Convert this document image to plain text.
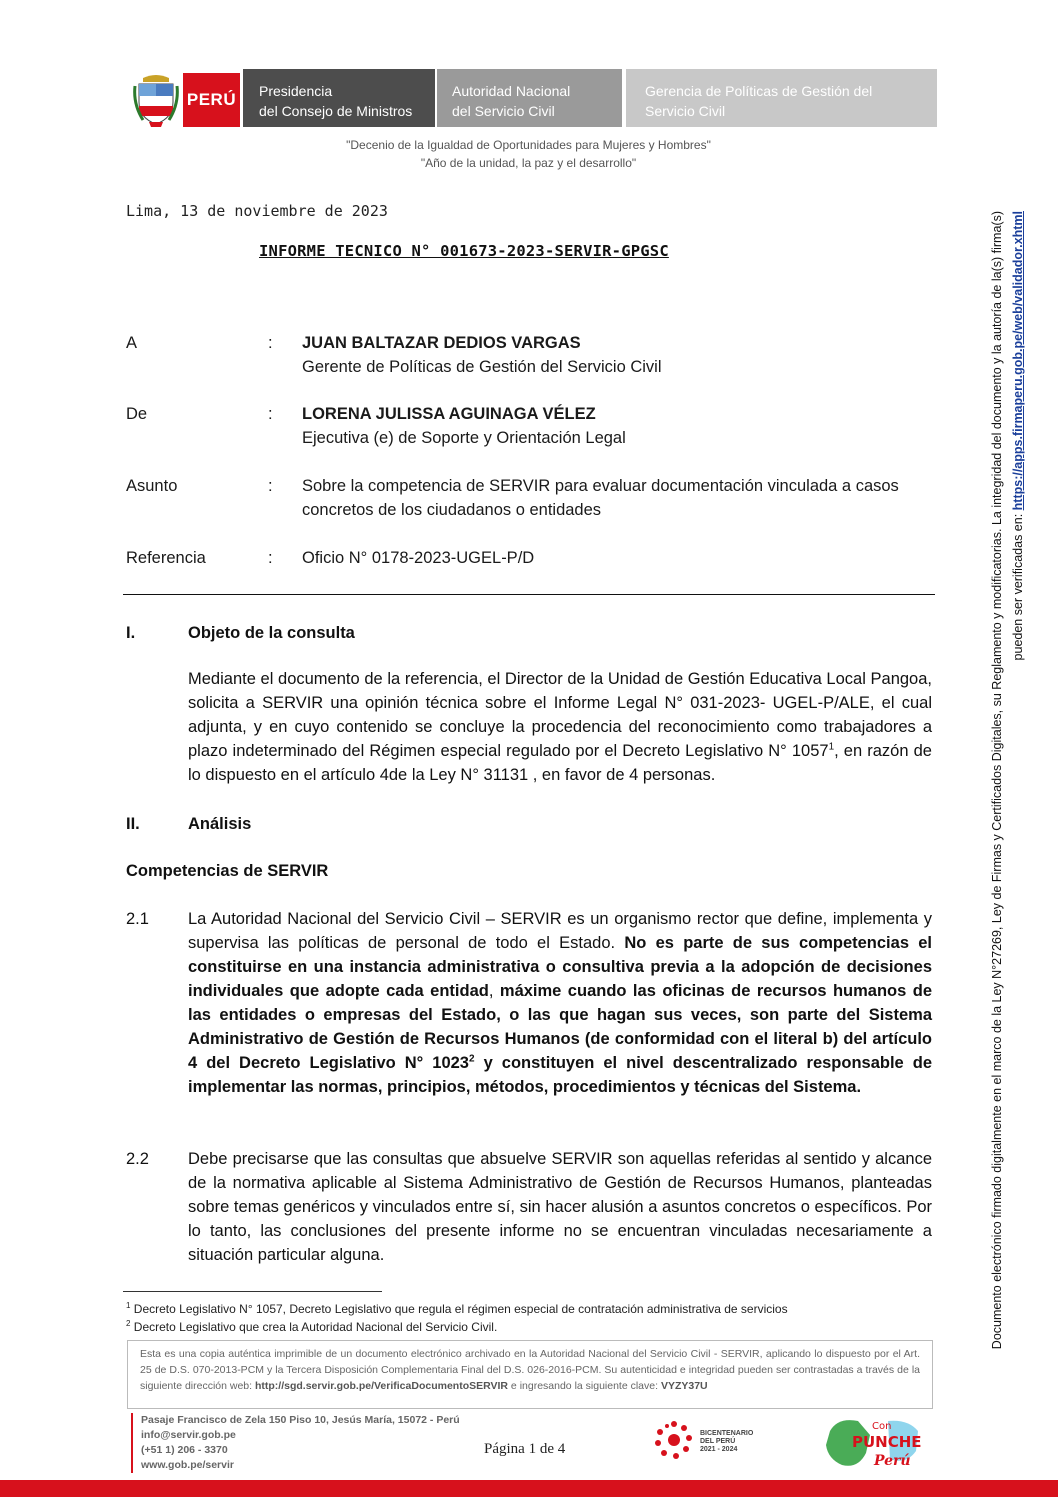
PERÚ Presidencia
del Consejo de Ministros
Autoridad Nacional
del Servicio Civil
Gerencia de Políticas de Gestión del
Servicio Civil
"Decenio de la Igualdad de Oportunidades para Mujeres y Hombres"
"Año de la unidad, la paz y el desarrollo"
Lima, 13 de noviembre de 2023
INFORME TECNICO N° 001673-2023-SERVIR-GPGSC
A	: JUAN BALTAZAR DEDIOS VARGAS
Gerente de Políticas de Gestión del Servicio Civil
De	: LORENA JULISSA AGUINAGA VÉLEZ
Ejecutiva (e) de Soporte y Orientación Legal
Asunto	: Sobre la competencia de SERVIR para evaluar documentación vinculada a casos
concretos de los ciudadanos o entidades
Referencia	: Oficio N° 0178-2023-UGEL-P/D
I.	Objeto de la consulta
Mediante el documento de la referencia, el Director de la Unidad de Gestión Educativa Local Pangoa, solicita a SERVIR una opinión técnica sobre el Informe Legal N° 031-2023- UGEL-P/ALE, el cual adjunta, y en cuyo contenido se concluye la procedencia del reconocimiento como trabajadores a plazo indeterminado del Régimen especial regulado por el Decreto Legislativo N° 1057$^1$, en razón de lo dispuesto en el artículo 4de la Ley N° 31131 , en favor de 4 personas.
II.	Análisis
Competencias de SERVIR
2.1 La Autoridad Nacional del Servicio Civil – SERVIR es un organismo rector que define, implementa y supervisa las políticas de personal de todo el Estado. No es parte de sus competencias el constituirse en una instancia administrativa o consultiva previa a la adopción de decisiones individuales que adopte cada entidad, máxime cuando las oficinas de recursos humanos de las entidades o empresas del Estado, o las que hagan sus veces, son parte del Sistema Administrativo de Gestión de Recursos Humanos (de conformidad con el literal b) del artículo 4 del Decreto Legislativo N° 1023$^2$ y constituyen el nivel descentralizado responsable de implementar las normas, principios, métodos, procedimientos y técnicas del Sistema.
2.2 Debe precisarse que las consultas que absuelve SERVIR son aquellas referidas al sentido y alcance de la normativa aplicable al Sistema Administrativo de Gestión de Recursos Humanos, planteadas sobre temas genéricos y vinculados entre sí, sin hacer alusión a asuntos concretos o específicos. Por lo tanto, las conclusiones del presente informe no se encuentran vinculadas necesariamente a situación particular alguna.
$^1$ Decreto Legislativo N° 1057, Decreto Legislativo que regula el régimen especial de contratación administrativa de servicios
$^2$ Decreto Legislativo que crea la Autoridad Nacional del Servicio Civil.
Esta es una copia auténtica imprimible de un documento electrónico archivado en la Autoridad Nacional del Servicio Civil - SERVIR, aplicando lo dispuesto por el Art. 25 de D.S. 070-2013-PCM y la Tercera Disposición Complementaria Final del D.S. 026-2016-PCM. Su autenticidad e integridad pueden ser contrastadas a través de la siguiente dirección web: http://sgd.servir.gob.pe/VerificaDocumentoSERVIR e ingresando la siguiente clave: VYZY37U
Pasaje Francisco de Zela 150 Piso 10, Jesús María, 15072 - Perú
info@servir.gob.pe
(+51 1) 206 - 3370
www.gob.pe/servir
Página 1 de 4
BICENTENARIO
DEL PERÚ
2021 - 2024
Con
PUNCHE
Perú
Documento electrónico firmado digitalmente en el marco de la Ley N°27269, Ley de Firmas y Certificados Digitales, su Reglamento y modificatorias. La integridad del documento y la autoría de la(s) firma(s) pueden ser verificadas en: https://apps.firmaperu.gob.pe/web/validador.xhtml
